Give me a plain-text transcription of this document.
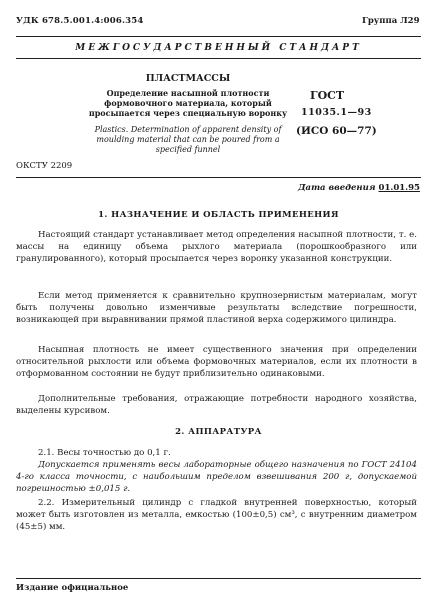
УДК 678.5.001.4:006.354	Группа Л29
МЕЖГОСУДАРСТВЕННЫЙ СТАНДАРТ
ПЛАСТМАССЫ
Определение насыпной плотности формовочного материала, который просыпается через специальную воронку
Plastics. Determination of apparent density of moulding material that can be poured from a specified funnel
ГОСТ
11035.1—93
(ИСО 60—77)
ОКСТУ 2209
Дата введения 01.01.95
1. НАЗНАЧЕНИЕ И ОБЛАСТЬ ПРИМЕНЕНИЯ
Настоящий стандарт устанавливает метод определения насыпной плотности, т. е. массы на единицу объема рыхлого материала (порошкообразного или гранулированного), который просыпается через воронку указанной конструкции.
Если метод применяется к сравнительно крупнозернистым материалам, могут быть получены довольно изменчивые результаты вследствие погрешности, возникающей при выравнивании прямой пластиной верха содержимого цилиндра.
Насыпная плотность не имеет существенного значения при определении относительной рыхлости или объема формовочных материалов, если их плотности в отформованном состоянии не будут приблизительно одинаковыми.
Дополнительные требования, отражающие потребности народного хозяйства, выделены курсивом.
2. АППАРАТУРА
2.1. Весы точностью до 0,1 г.
Допускается применять весы лабораторные общего назначения по ГОСТ 24104 4-го класса точности, с наибольшим пределом взвешивания 200 г, допускаемой погрешностью ±0,015 г.
2.2. Измерительный цилиндр с гладкой внутренней поверхностью, который может быть изготовлен из металла, емкостью (100±0,5) см³, с внутренним диаметром (45±5) мм.
Издание официальное
